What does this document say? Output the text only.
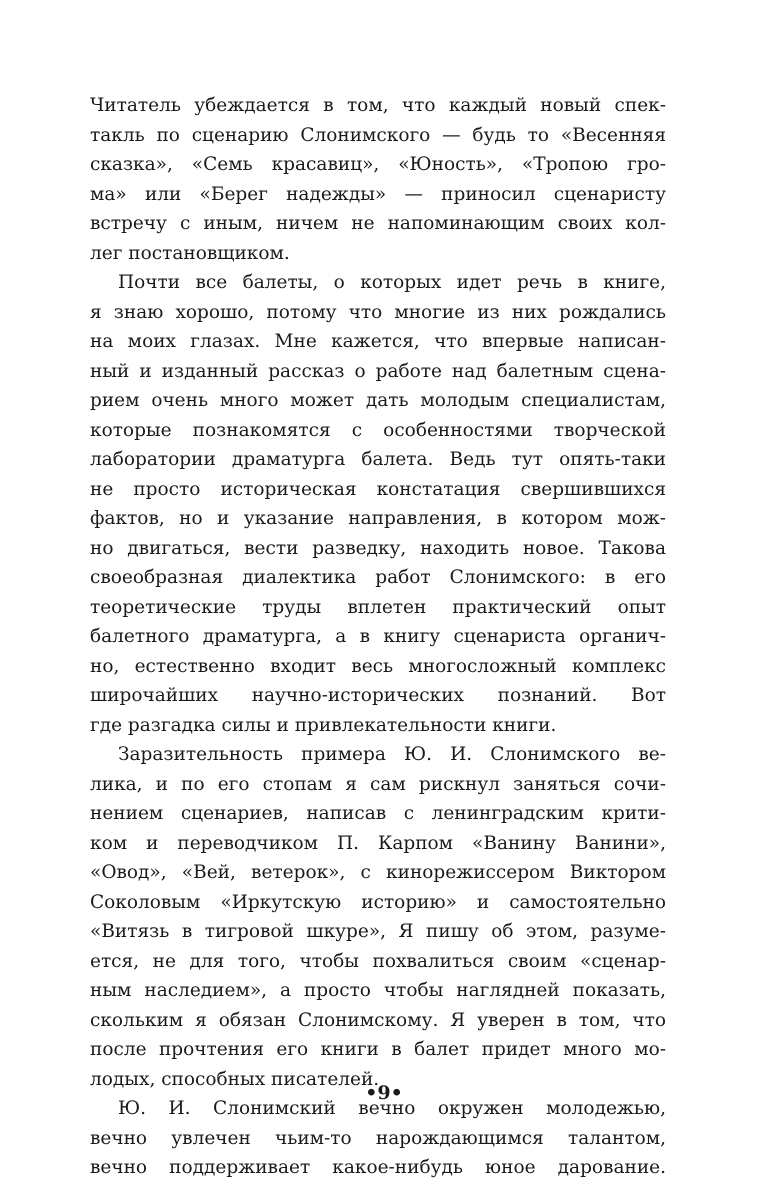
Читатель убеждается в том, что каждый новый спек-
такль по сценарию Слонимского — будь то «Весенняя
сказка», «Семь красавиц», «Юность», «Тропою гро-
ма» или «Берег надежды» — приносил сценаристу
встречу с иным, ничем не напоминающим своих кол-
лег постановщиком.
Почти все балеты, о которых идет речь в книге,
я знаю хорошо, потому что многие из них рождались
на моих глазах. Мне кажется, что впервые написан-
ный и изданный рассказ о работе над балетным сцена-
рием очень много может дать молодым специалистам,
которые познакомятся с особенностями творческой
лаборатории драматурга балета. Ведь тут опять-таки
не просто историческая констатация свершившихся
фактов, но и указание направления, в котором мож-
но двигаться, вести разведку, находить новое. Такова
своеобразная диалектика работ Слонимского: в его
теоретические труды вплетен практический опыт
балетного драматурга, а в книгу сценариста органич-
но, естественно входит весь многосложный комплекс
широчайших научно-исторических познаний. Вот
где разгадка силы и привлекательности книги.
Заразительность примера Ю. И. Слонимского ве-
лика, и по его стопам я сам рискнул заняться сочи-
нением сценариев, написав с ленинградским крити-
ком и переводчиком П. Карпом «Ванину Ванини»,
«Овод», «Вей, ветерок», с кинорежиссером Виктором
Соколовым «Иркутскую историю» и самостоятельно
«Витязь в тигровой шкуре», Я пишу об этом, разуме-
ется, не для того, чтобы похвалиться своим «сценар-
ным наследием», а просто чтобы наглядней показать,
скольким я обязан Слонимскому. Я уверен в том, что
после прочтения его книги в балет придет много мо-
лодых, способных писателей.
Ю. И. Слонимский вечно окружен молодежью,
вечно увлечен чьим-то нарождающимся талантом,
вечно поддерживает какое-нибудь юное дарование.
•9•
